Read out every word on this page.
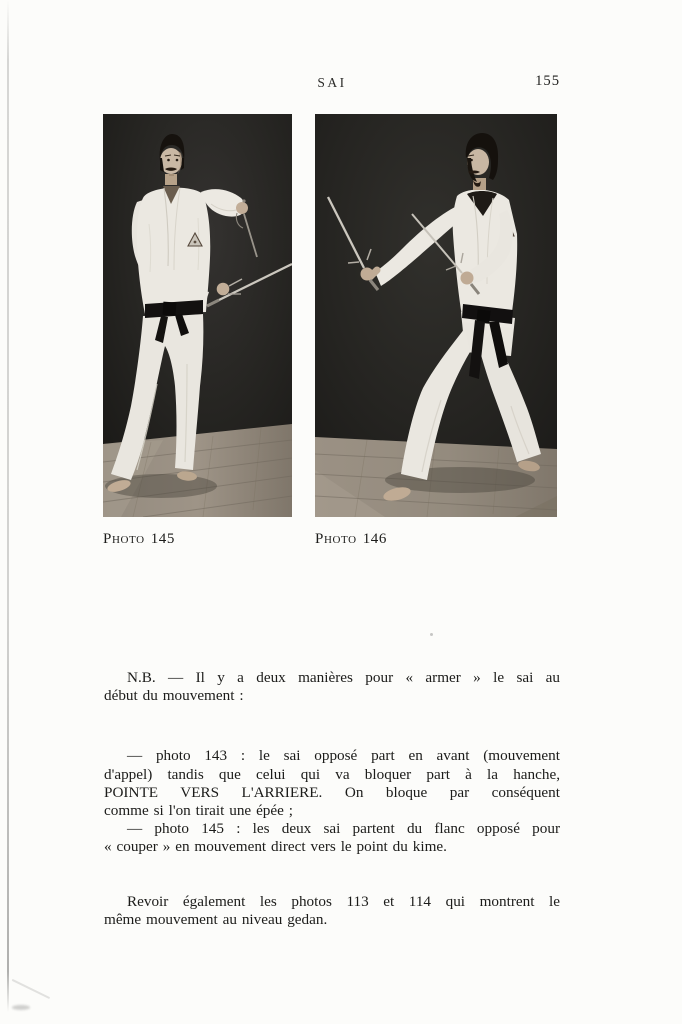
SAI	155
Photo 145	Photo 146
N.B. — Il y a deux manières pour « armer » le sai au
début du mouvement :
— photo 143 : le sai opposé part en avant (mouvement
d'appel) tandis que celui qui va bloquer part à la hanche,
POINTE VERS L'ARRIERE. On bloque par conséquent
comme si l'on tirait une épée ;
— photo 145 : les deux sai partent du flanc opposé pour
« couper » en mouvement direct vers le point du kime.
Revoir également les photos 113 et 114 qui montrent le
même mouvement au niveau gedan.
